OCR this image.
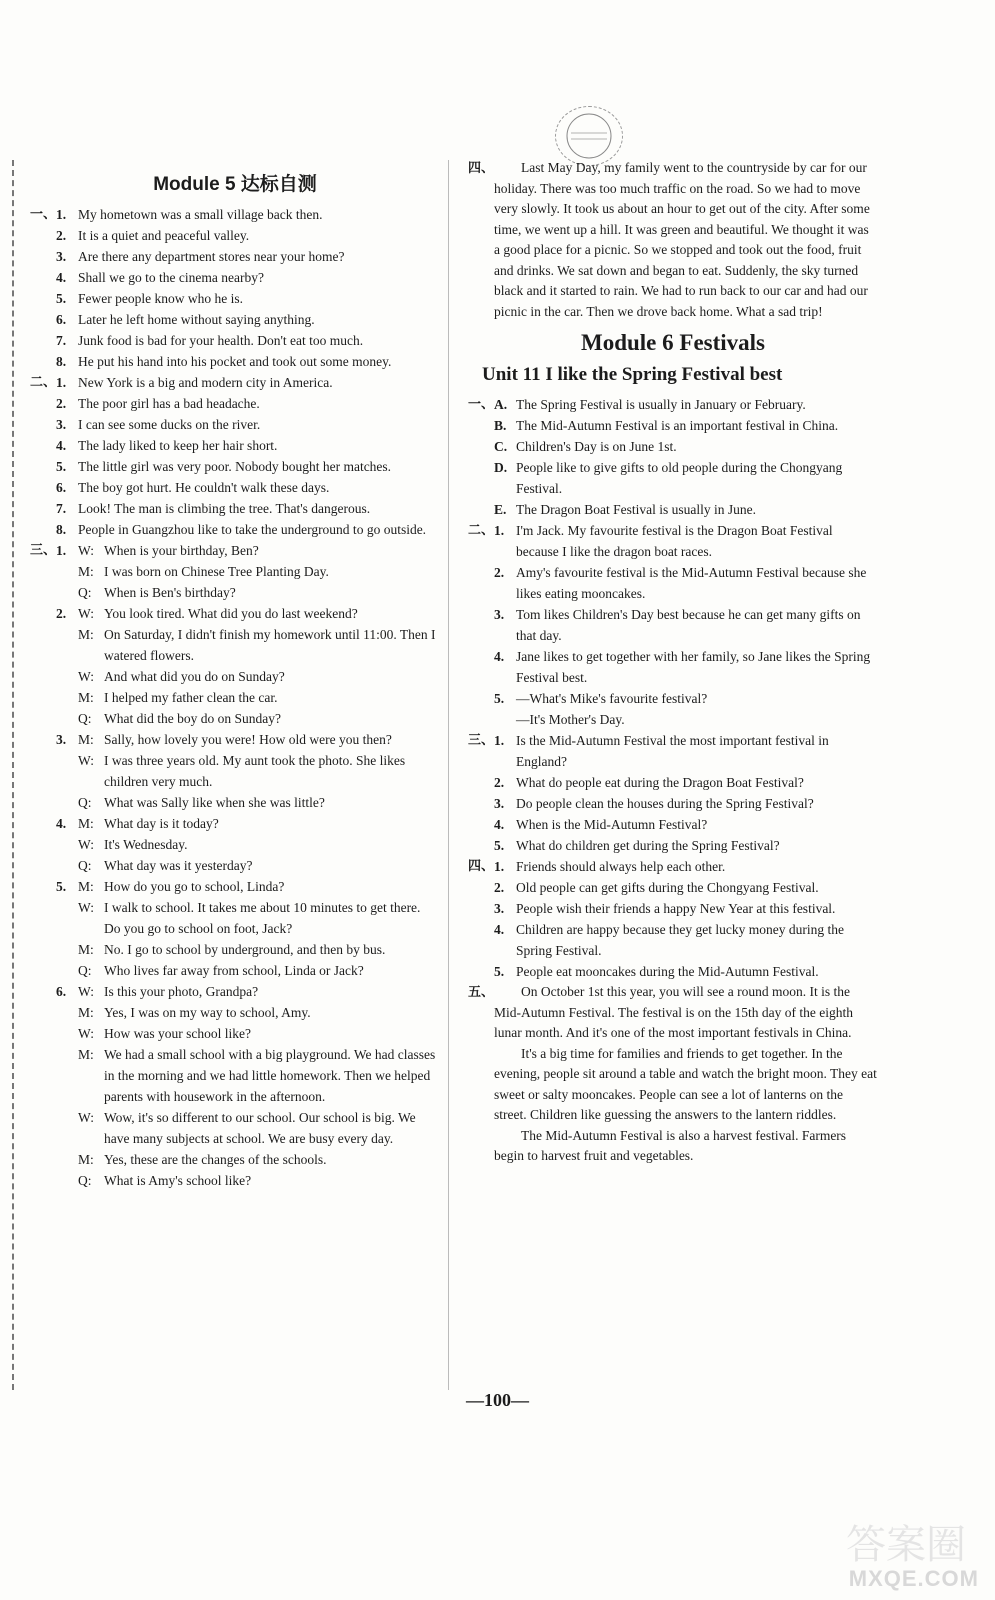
Module 5 达标自测
一、 1. My hometown was a small village back then.
2. It is a quiet and peaceful valley.
3. Are there any department stores near your home?
4. Shall we go to the cinema nearby?
5. Fewer people know who he is.
6. Later he left home without saying anything.
7. Junk food is bad for your health. Don't eat too much.
8. He put his hand into his pocket and took out some money.
二、 1. New York is a big and modern city in America.
2. The poor girl has a bad headache.
3. I can see some ducks on the river.
4. The lady liked to keep her hair short.
5. The little girl was very poor. Nobody bought her matches.
6. The boy got hurt. He couldn't walk these days.
7. Look! The man is climbing the tree. That's dangerous.
8. People in Guangzhou like to take the underground to go outside.
三、 1. W: When is your birthday, Ben?
M: I was born on Chinese Tree Planting Day.
Q: When is Ben's birthday?
2. W: You look tired. What did you do last weekend?
M: On Saturday, I didn't finish my homework until 11:00. Then I watered flowers.
W: And what did you do on Sunday?
M: I helped my father clean the car.
Q: What did the boy do on Sunday?
3. M: Sally, how lovely you were! How old were you then?
W: I was three years old. My aunt took the photo. She likes children very much.
Q: What was Sally like when she was little?
4. M: What day is it today?
W: It's Wednesday.
Q: What day was it yesterday?
5. M: How do you go to school, Linda?
W: I walk to school. It takes me about 10 minutes to get there. Do you go to school on foot, Jack?
M: No. I go to school by underground, and then by bus.
Q: Who lives far away from school, Linda or Jack?
6. W: Is this your photo, Grandpa?
M: Yes, I was on my way to school, Amy.
W: How was your school like?
M: We had a small school with a big playground. We had classes in the morning and we had little homework. Then we helped parents with housework in the afternoon.
W: Wow, it's so different to our school. Our school is big. We have many subjects at school. We are busy every day.
M: Yes, these are the changes of the schools.
Q: What is Amy's school like?
四、	Last May Day, my family went to the countryside by car for our holiday. There was too much traffic on the road. So we had to move very slowly. It took us about an hour to get out of the city. After some time, we went up a hill. It was green and beautiful. We thought it was a good place for a picnic. So we stopped and took out the food, fruit and drinks. We sat down and began to eat. Suddenly, the sky turned black and it started to rain. We had to run back to our car and had our picnic in the car. Then we drove back home. What a sad trip!
Module 6 Festivals
Unit 11 I like the Spring Festival best
一、 A. The Spring Festival is usually in January or February.
B. The Mid-Autumn Festival is an important festival in China.
C. Children's Day is on June 1st.
D. People like to give gifts to old people during the Chongyang Festival.
E. The Dragon Boat Festival is usually in June.
二、 1. I'm Jack. My favourite festival is the Dragon Boat Festival because I like the dragon boat races.
2. Amy's favourite festival is the Mid-Autumn Festival because she likes eating mooncakes.
3. Tom likes Children's Day best because he can get many gifts on that day.
4. Jane likes to get together with her family, so Jane likes the Spring Festival best.
5. —What's Mike's favourite festival?
—It's Mother's Day.
三、 1. Is the Mid-Autumn Festival the most important festival in England?
2. What do people eat during the Dragon Boat Festival?
3. Do people clean the houses during the Spring Festival?
4. When is the Mid-Autumn Festival?
5. What do children get during the Spring Festival?
四、 1. Friends should always help each other.
2. Old people can get gifts during the Chongyang Festival.
3. People wish their friends a happy New Year at this festival.
4. Children are happy because they get lucky money during the Spring Festival.
5. People eat mooncakes during the Mid-Autumn Festival.
五、	On October 1st this year, you will see a round moon. It is the Mid-Autumn Festival. The festival is on the 15th day of the eighth lunar month. And it's one of the most important festivals in China.
It's a big time for families and friends to get together. In the evening, people sit around a table and watch the bright moon. They eat sweet or salty mooncakes. People can see a lot of lanterns on the street. Children like guessing the answers to the lantern riddles.
The Mid-Autumn Festival is also a harvest festival. Farmers begin to harvest fruit and vegetables.
—100—
答案圈
MXQE.COM
